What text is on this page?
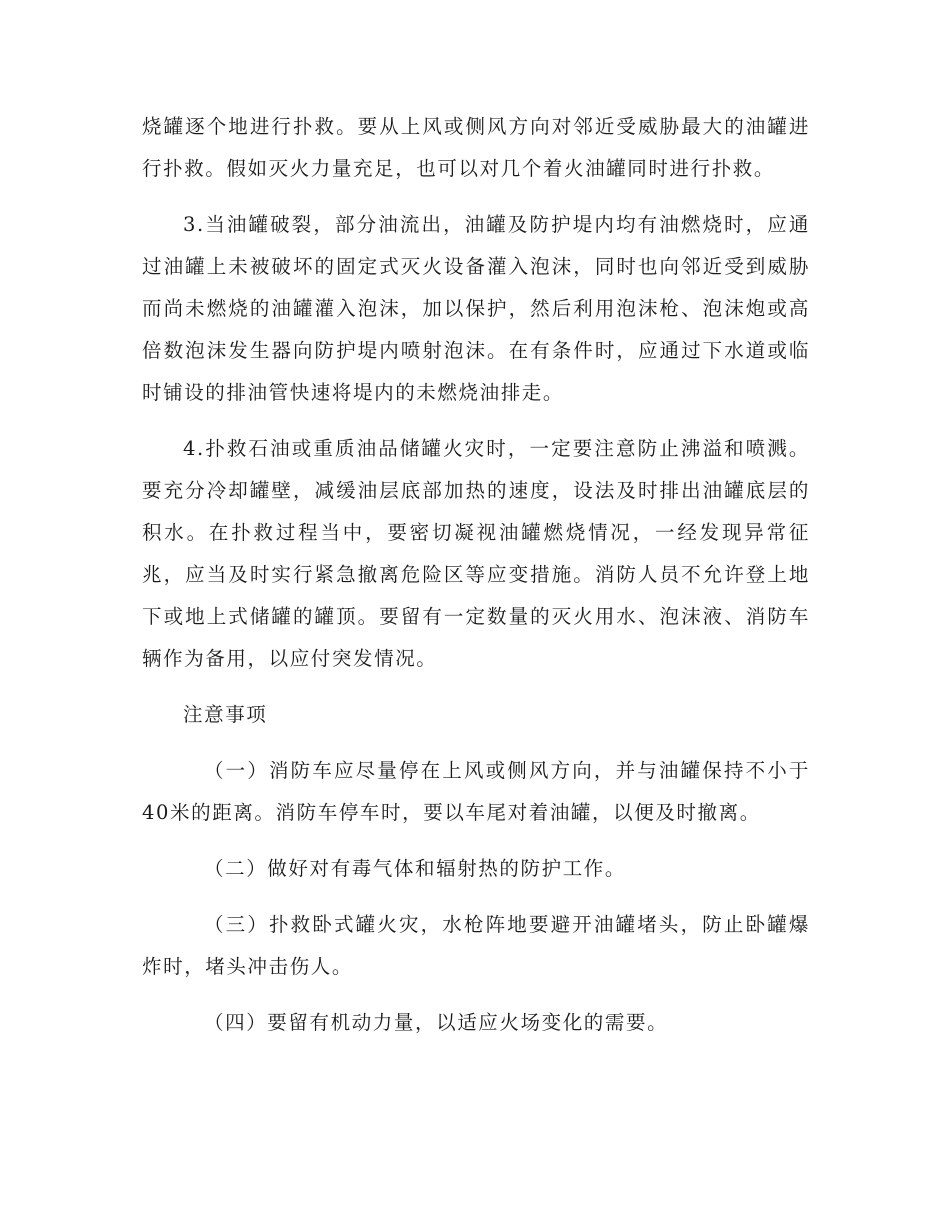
烧罐逐个地进行扑救。要从上风或侧风方向对邻近受威胁最大的油罐进行扑救。假如灭火力量充足，也可以对几个着火油罐同时进行扑救。

3.当油罐破裂，部分油流出，油罐及防护堤内均有油燃烧时，应通过油罐上未被破坏的固定式灭火设备灌入泡沫，同时也向邻近受到威胁而尚未燃烧的油罐灌入泡沫，加以保护，然后利用泡沫枪、泡沫炮或高倍数泡沫发生器向防护堤内喷射泡沫。在有条件时，应通过下水道或临时铺设的排油管快速将堤内的未燃烧油排走。

4.扑救石油或重质油品储罐火灾时，一定要注意防止沸溢和喷溅。要充分冷却罐壁，减缓油层底部加热的速度，设法及时排出油罐底层的积水。在扑救过程当中，要密切凝视油罐燃烧情况，一经发现异常征兆，应当及时实行紧急撤离危险区等应变措施。消防人员不允许登上地下或地上式储罐的罐顶。要留有一定数量的灭火用水、泡沫液、消防车辆作为备用，以应付突发情况。

注意事项

（一）消防车应尽量停在上风或侧风方向，并与油罐保持不小于40米的距离。消防车停车时，要以车尾对着油罐，以便及时撤离。

（二）做好对有毒气体和辐射热的防护工作。

（三）扑救卧式罐火灾，水枪阵地要避开油罐堵头，防止卧罐爆炸时，堵头冲击伤人。

（四）要留有机动力量，以适应火场变化的需要。
